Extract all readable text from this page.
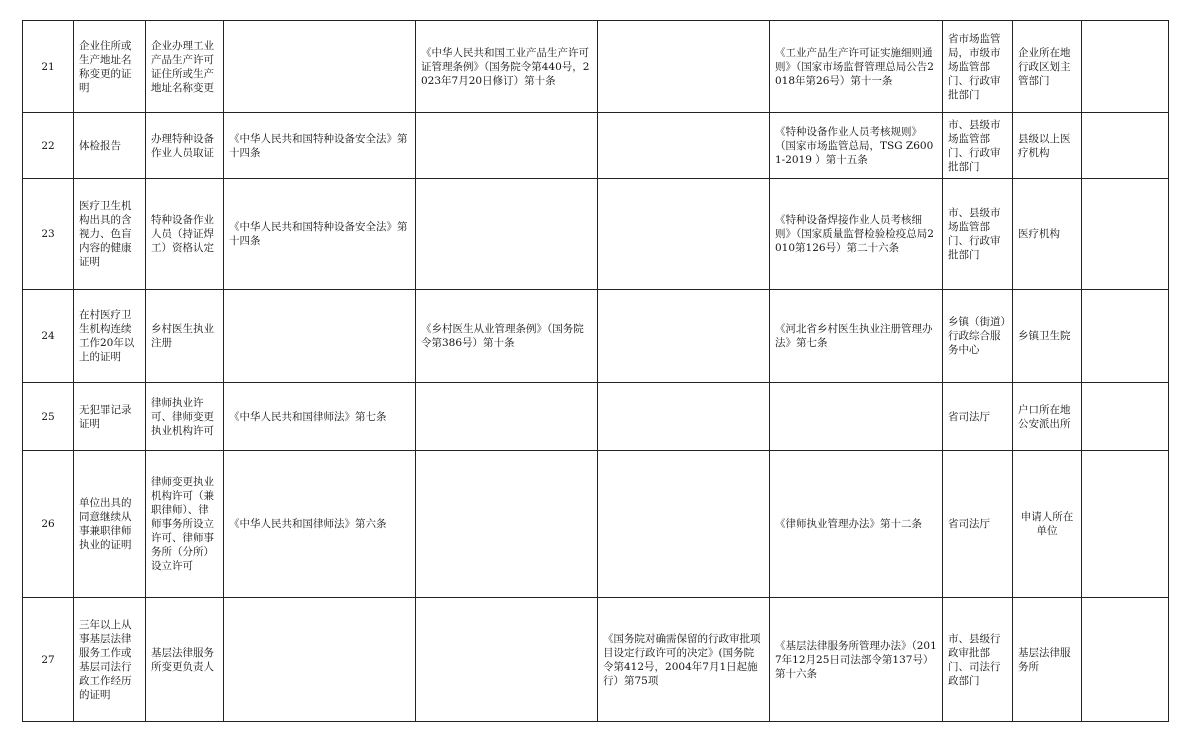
21	企业住所或生产地址名称变更的证明	企业办理工业产品生产许可证住所或生产地址名称变更		《中华人民共和国工业产品生产许可证管理条例》（国务院令第440号，2023年7月20日修订）第十条		《工业产品生产许可证实施细则通则》（国家市场监督管理总局公告2018年第26号）第十一条	省市场监管局，市级市场监管部门、行政审批部门	企业所在地行政区划主管部门	
22	体检报告	办理特种设备作业人员取证	《中华人民共和国特种设备安全法》第十四条			《特种设备作业人员考核规则》（国家市场监管总局，TSG Z6001-2019 ）第十五条	市、县级市场监管部门、行政审批部门	县级以上医疗机构	
23	医疗卫生机构出具的含视力、色盲内容的健康证明	特种设备作业人员（持证焊工）资格认定	《中华人民共和国特种设备安全法》第十四条			《特种设备焊接作业人员考核细则》（国家质量监督检验检疫总局2010第126号）第二十六条	市、县级市场监管部门、行政审批部门	医疗机构	
24	在村医疗卫生机构连续工作20年以上的证明	乡村医生执业注册		《乡村医生从业管理条例》（国务院令第386号）第十条		《河北省乡村医生执业注册管理办法》第七条	乡镇（街道）行政综合服务中心	乡镇卫生院	
25	无犯罪记录证明	律师执业许可、律师变更执业机构许可	《中华人民共和国律师法》第七条				省司法厅	户口所在地公安派出所	
26	单位出具的同意继续从事兼职律师执业的证明	律师变更执业机构许可（兼职律师）、律师事务所设立许可、律师事务所（分所）设立许可	《中华人民共和国律师法》第六条			《律师执业管理办法》第十二条	省司法厅	申请人所在单位	
27	三年以上从事基层法律服务工作或基层司法行政工作经历的证明	基层法律服务所变更负责人			《国务院对确需保留的行政审批项目设定行政许可的决定》(国务院令第412号，2004年7月1日起施行）第75项	《基层法律服务所管理办法》（2017年12月25日司法部令第137号）第十六条	市、县级行政审批部门、司法行政部门	基层法律服务所	
